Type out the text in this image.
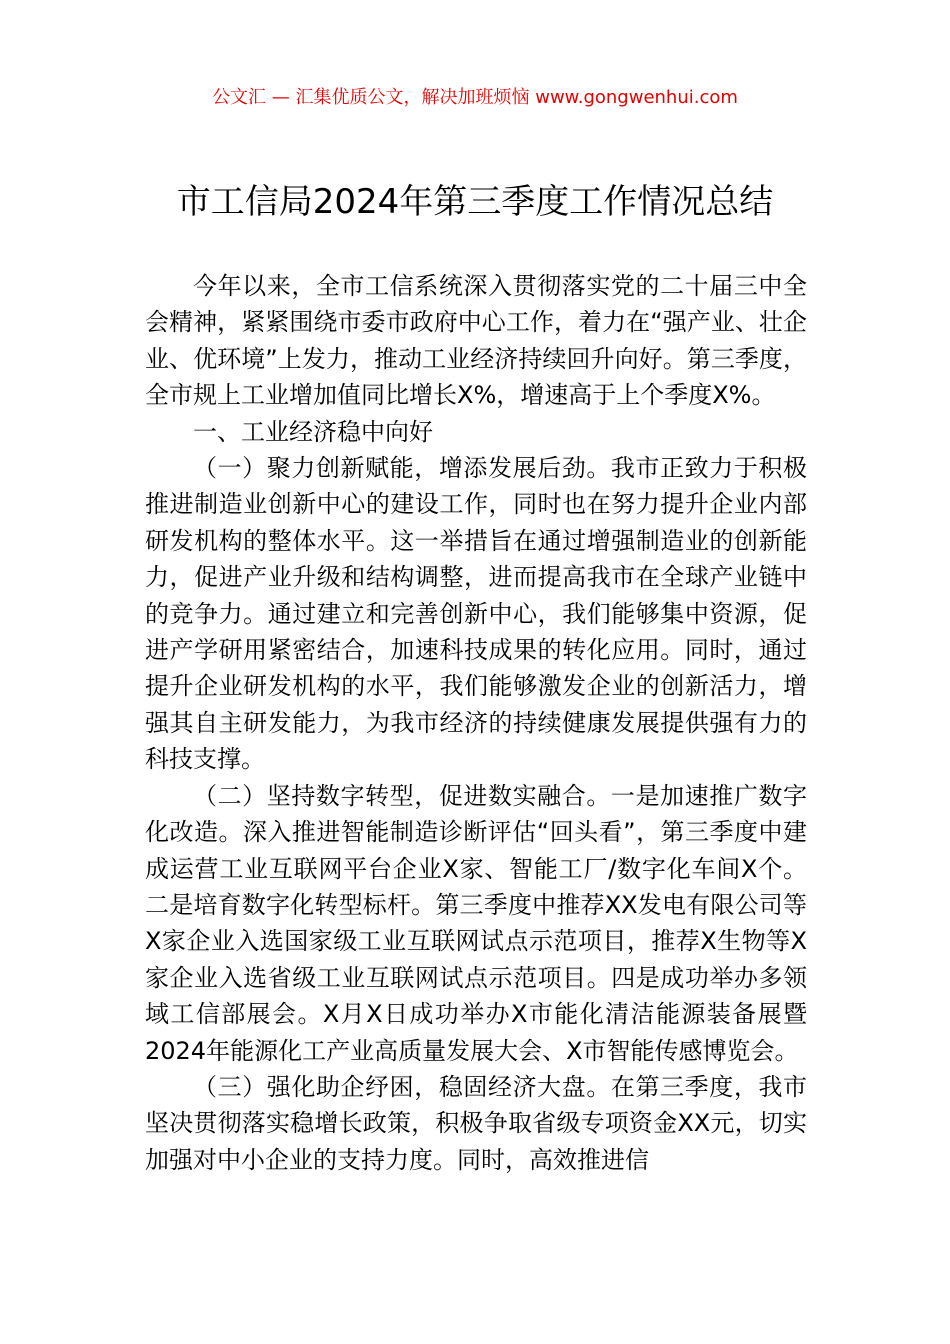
公文汇 — 汇集优质公文，解决加班烦恼 www.gongwenhui.com
市工信局2024年第三季度工作情况总结

今年以来，全市工信系统深入贯彻落实党的二十届三中全会精神，紧紧围绕市委市政府中心工作，着力在“强产业、壮企业、优环境”上发力，推动工业经济持续回升向好。第三季度，全市规上工业增加值同比增长X%，增速高于上个季度X%。

一、工业经济稳中向好

（一）聚力创新赋能，增添发展后劲。我市正致力于积极推进制造业创新中心的建设工作，同时也在努力提升企业内部研发机构的整体水平。这一举措旨在通过增强制造业的创新能力，促进产业升级和结构调整，进而提高我市在全球产业链中的竞争力。通过建立和完善创新中心，我们能够集中资源，促进产学研用紧密结合，加速科技成果的转化应用。同时，通过提升企业研发机构的水平，我们能够激发企业的创新活力，增强其自主研发能力，为我市经济的持续健康发展提供强有力的科技支撑。

（二）坚持数字转型，促进数实融合。一是加速推广数字化改造。深入推进智能制造诊断评估“回头看”，第三季度中建成运营工业互联网平台企业X家、智能工厂/数字化车间X个。二是培育数字化转型标杆。第三季度中推荐XX发电有限公司等X家企业入选国家级工业互联网试点示范项目，推荐X生物等X家企业入选省级工业互联网试点示范项目。四是成功举办多领域工信部展会。X月X日成功举办X市能化清洁能源装备展暨2024年能源化工产业高质量发展大会、X市智能传感博览会。

（三）强化助企纾困，稳固经济大盘。在第三季度，我市坚决贯彻落实稳增长政策，积极争取省级专项资金XX元，切实加强对中小企业的支持力度。同时，高效推进信
